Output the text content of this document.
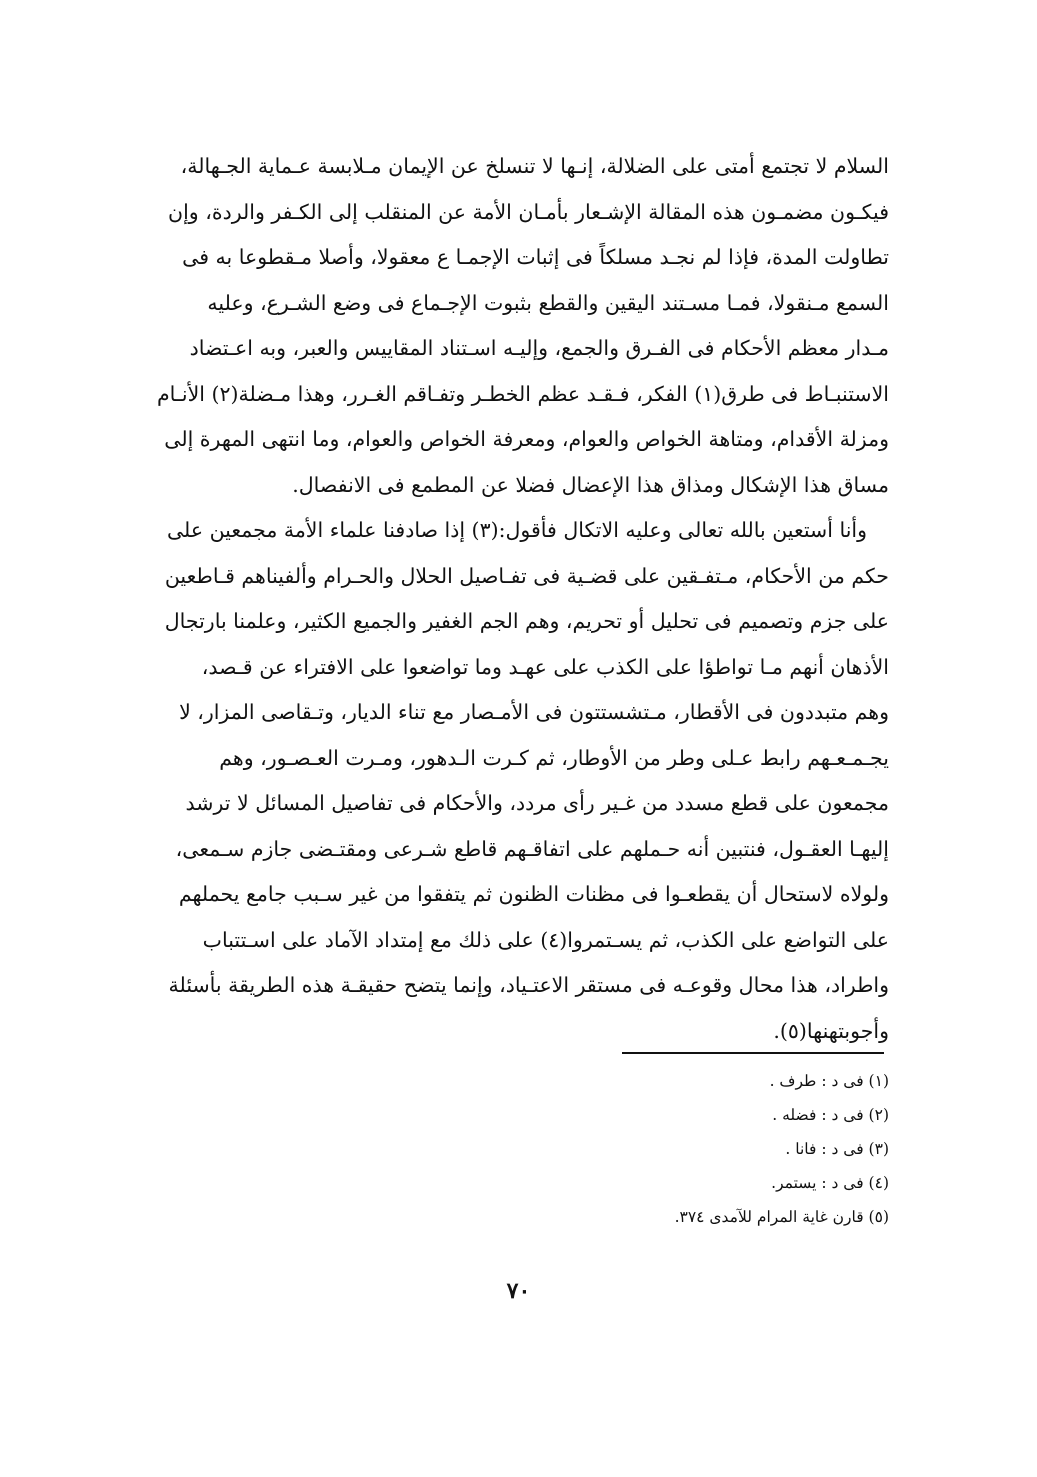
السلام لا تجتمع أمتى على الضلالة، إنـها لا تنسلخ عن الإيمان مـلابسة عـماية الجـهالة،
فيكـون مضمـون هذه المقالة الإشـعار بأمـان الأمة عن المنقلب إلى الكـفر والردة، وإن
تطاولت المدة، فإذا لم نجـد مسلكاً فى إثبات الإجمـا ع معقولا، وأصلا مـقطوعا به فى
السمع مـنقولا، فمـا مسـتند اليقين والقطع بثبوت الإجـماع فى وضع الشـرع، وعليه
مـدار معظم الأحكام فى الفـرق والجمع، وإليـه اسـتناد المقاييس والعبر، وبه اعـتضاد
الاستنبـاط فى طرق(١) الفكر، فـقـد عظم الخطـر وتفـاقم الغـرر، وهذا مـضلة(٢) الأنـام
ومزلة الأقدام، ومتاهة الخواص والعوام، ومعرفة الخواص والعوام، وما انتهى المهرة إلى
مساق هذا الإشكال ومذاق هذا الإعضال فضلا عن المطمع فى الانفصال.
وأنا أستعين بالله تعالى وعليه الاتكال فأقول:(٣) إذا صادفنا علماء الأمة مجمعين على
حكم من الأحكام، مـتفـقين على قضـية فى تفـاصيل الحلال والحـرام وألفيناهم قـاطعين
على جزم وتصميم فى تحليل أو تحريم، وهم الجم الغفير والجميع الكثير، وعلمنا بارتجال
الأذهان أنهم مـا تواطؤا على الكذب على عهـد وما تواضعوا على الافتراء عن قـصد،
وهم متبددون فى الأقطار، مـتشستتون فى الأمـصار مع تناء الديار، وتـقاصى المزار، لا
يجـمـعـهم رابط عـلى وطر من الأوطار، ثم كـرت الـدهور، ومـرت العـصـور، وهم
مجمعون على قطع مسدد من غـير رأى مردد، والأحكام فى تفاصيل المسائل لا ترشد
إليهـا العقـول، فنتبين أنه حـملهم على اتفاقـهم قاطع شـرعى ومقتـضى جازم سـمعى،
ولولاه لاستحال أن يقطعـوا فى مظنات الظنون ثم يتفقوا من غير سـبب جامع يحملهم
على التواضع على الكذب، ثم يسـتمروا(٤) على ذلك مع إمتداد الآماد على اسـتتباب
واطراد، هذا محال وقوعـه فى مستقر الاعتـياد، وإنما يتضح حقيقـة هذه الطريقة بأسئلة
وأجوبتهنها(٥).
(١) فى د : طرف .
(٢) فى د : فضله .
(٣) فى د : فانا .
(٤) فى د : يستمر.
(٥) قارن غاية المرام للآمدى ٣٧٤.
٧٠
